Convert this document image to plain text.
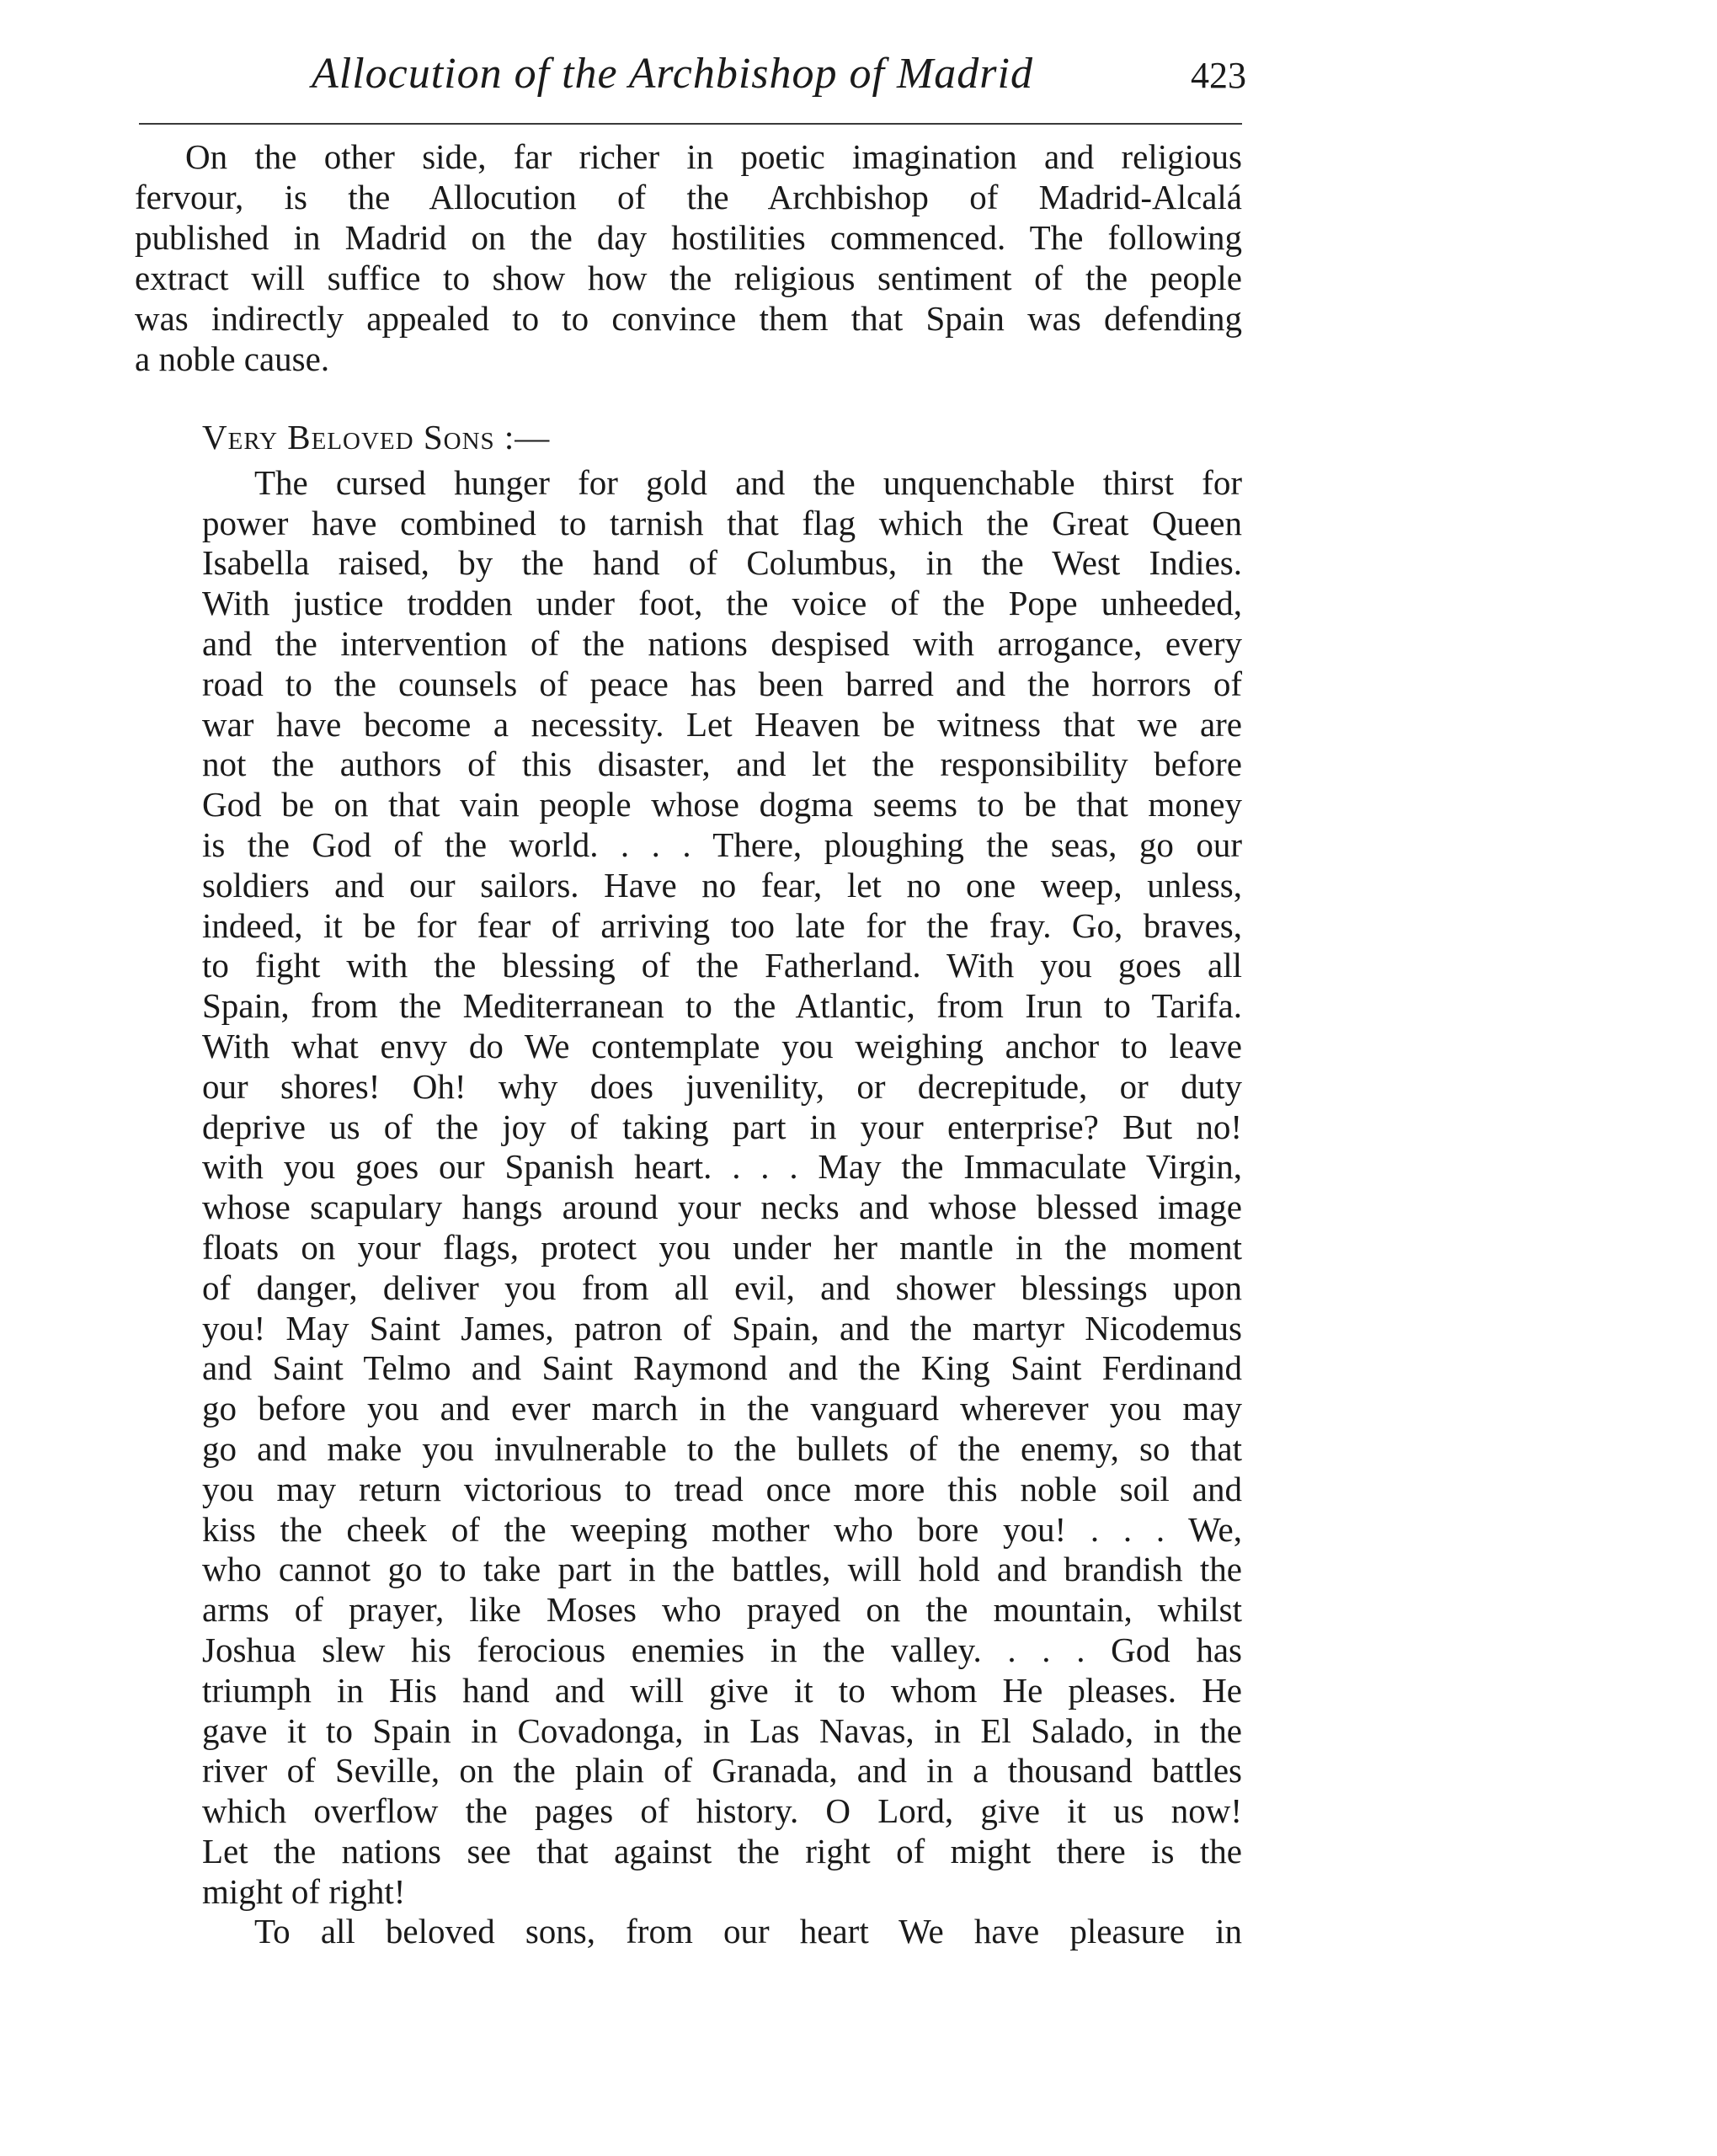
Allocution of the Archbishop of Madrid	423
On the other side, far richer in poetic imagination and religious
fervour, is the Allocution of the Archbishop of Madrid-Alcalá
published in Madrid on the day hostilities commenced. The following
extract will suffice to show how the religious sentiment of the people
was indirectly appealed to to convince them that Spain was defending
a noble cause.
Very Beloved Sons :—
The cursed hunger for gold and the unquenchable thirst for
power have combined to tarnish that flag which the Great Queen
Isabella raised, by the hand of Columbus, in the West Indies.
With justice trodden under foot, the voice of the Pope unheeded,
and the intervention of the nations despised with arrogance, every
road to the counsels of peace has been barred and the horrors of
war have become a necessity. Let Heaven be witness that we are
not the authors of this disaster, and let the responsibility before
God be on that vain people whose dogma seems to be that money
is the God of the world. . . . There, ploughing the seas, go our
soldiers and our sailors. Have no fear, let no one weep, unless,
indeed, it be for fear of arriving too late for the fray. Go, braves,
to fight with the blessing of the Fatherland. With you goes all
Spain, from the Mediterranean to the Atlantic, from Irun to Tarifa.
With what envy do We contemplate you weighing anchor to leave
our shores! Oh! why does juvenility, or decrepitude, or duty
deprive us of the joy of taking part in your enterprise? But no!
with you goes our Spanish heart. . . . May the Immaculate Virgin,
whose scapulary hangs around your necks and whose blessed image
floats on your flags, protect you under her mantle in the moment
of danger, deliver you from all evil, and shower blessings upon
you! May Saint James, patron of Spain, and the martyr Nicodemus
and Saint Telmo and Saint Raymond and the King Saint Ferdinand
go before you and ever march in the vanguard wherever you may
go and make you invulnerable to the bullets of the enemy, so that
you may return victorious to tread once more this noble soil and
kiss the cheek of the weeping mother who bore you! . . . We,
who cannot go to take part in the battles, will hold and brandish the
arms of prayer, like Moses who prayed on the mountain, whilst
Joshua slew his ferocious enemies in the valley. . . . God has
triumph in His hand and will give it to whom He pleases. He
gave it to Spain in Covadonga, in Las Navas, in El Salado, in the
river of Seville, on the plain of Granada, and in a thousand battles
which overflow the pages of history. O Lord, give it us now!
Let the nations see that against the right of might there is the
might of right!
To all beloved sons, from our heart We have pleasure in
